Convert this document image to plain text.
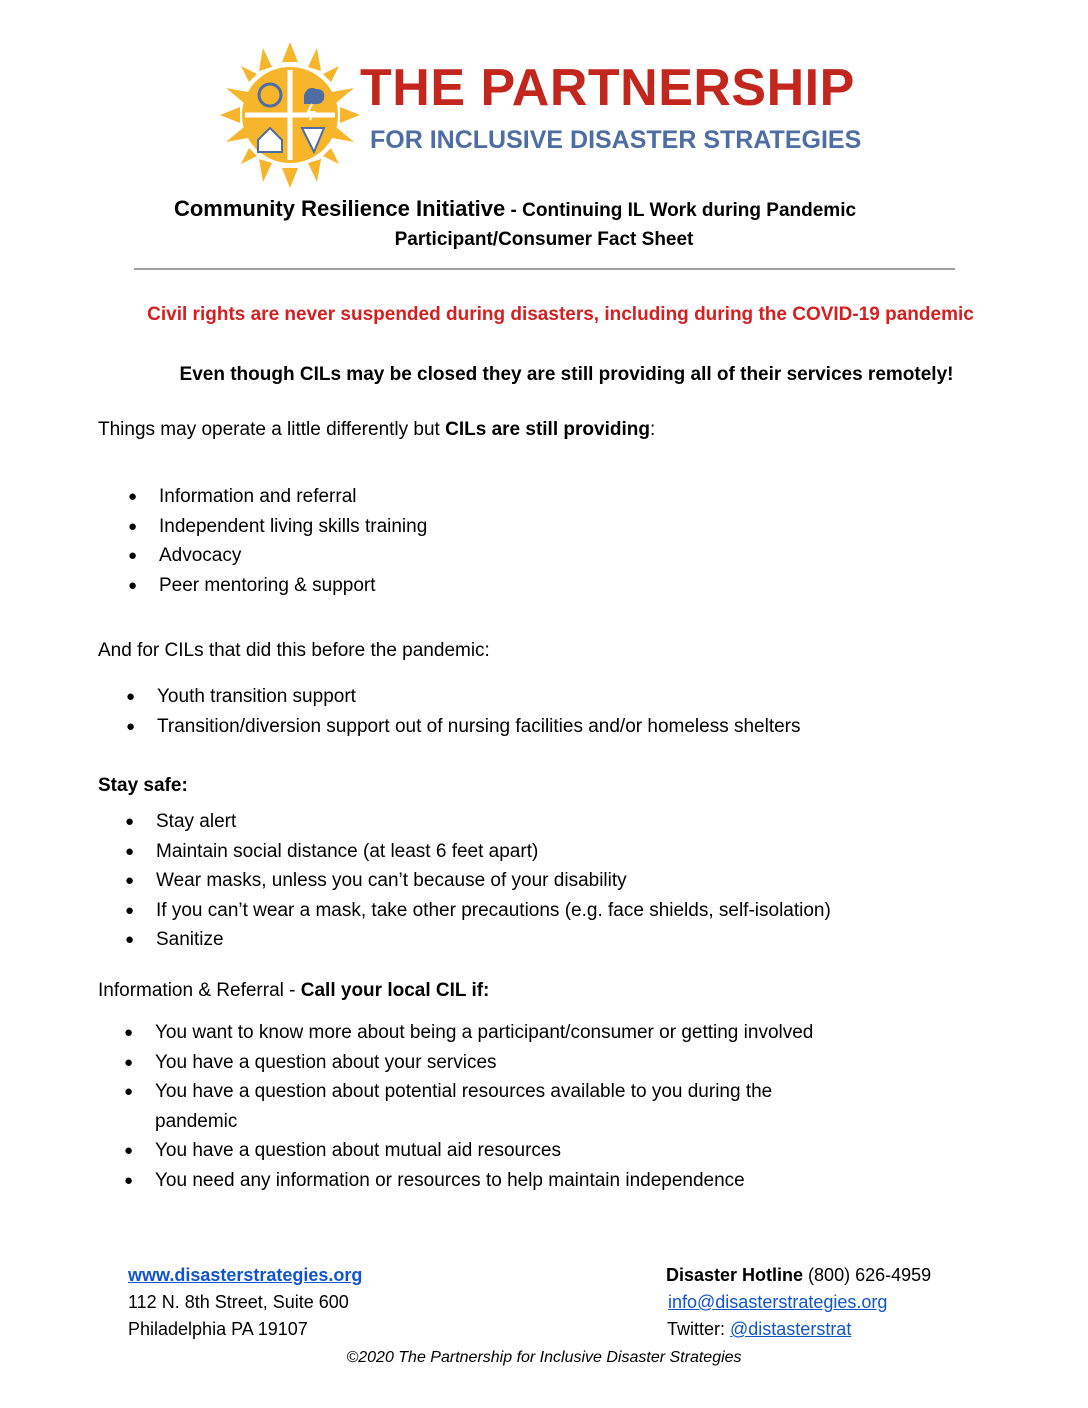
THE PARTNERSHIP
FOR INCLUSIVE DISASTER STRATEGIES
Community Resilience Initiative - Continuing IL Work during Pandemic
Participant/Consumer Fact Sheet
Civil rights are never suspended during disasters, including during the COVID-19 pandemic
Even though CILs may be closed they are still providing all of their services remotely!
Things may operate a little differently but CILs are still providing:
● Information and referral
● Independent living skills training
● Advocacy
● Peer mentoring & support
And for CILs that did this before the pandemic:
● Youth transition support
● Transition/diversion support out of nursing facilities and/or homeless shelters
Stay safe:
● Stay alert
● Maintain social distance (at least 6 feet apart)
● Wear masks, unless you can’t because of your disability
● If you can’t wear a mask, take other precautions (e.g. face shields, self-isolation)
● Sanitize
Information & Referral - Call your local CIL if:
● You want to know more about being a participant/consumer or getting involved
● You have a question about your services
● You have a question about potential resources available to you during the
pandemic
● You have a question about mutual aid resources
● You need any information or resources to help maintain independence
www.disasterstrategies.org
112 N. 8th Street, Suite 600
Philadelphia PA 19107
Disaster Hotline (800) 626-4959
info@disasterstrategies.org
Twitter: @distasterstrat
©2020 The Partnership for Inclusive Disaster Strategies
